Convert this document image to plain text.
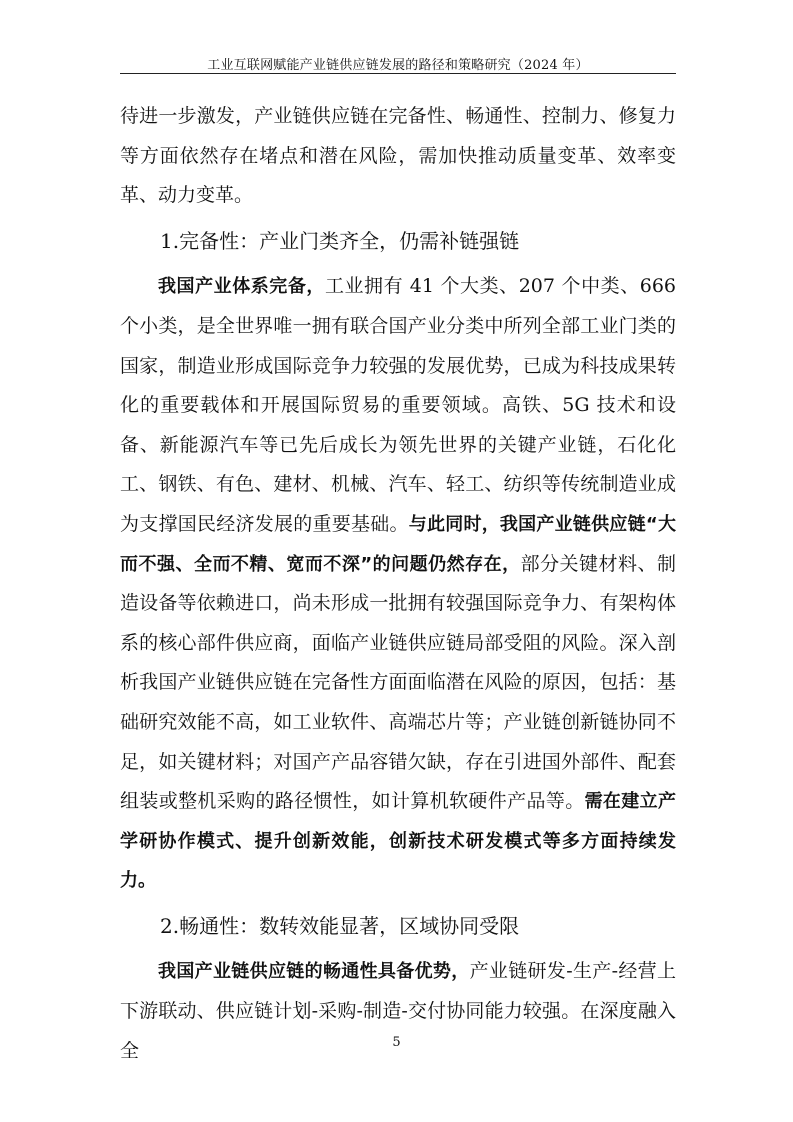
工业互联网赋能产业链供应链发展的路径和策略研究（2024 年）

待进一步激发，产业链供应链在完备性、畅通性、控制力、修复力等方面依然存在堵点和潜在风险，需加快推动质量变革、效率变革、动力变革。

1.完备性：产业门类齐全，仍需补链强链

我国产业体系完备，工业拥有 41 个大类、207 个中类、666 个小类，是全世界唯一拥有联合国产业分类中所列全部工业门类的国家，制造业形成国际竞争力较强的发展优势，已成为科技成果转化的重要载体和开展国际贸易的重要领域。高铁、5G 技术和设备、新能源汽车等已先后成长为领先世界的关键产业链，石化化工、钢铁、有色、建材、机械、汽车、轻工、纺织等传统制造业成为支撑国民经济发展的重要基础。与此同时，我国产业链供应链“大而不强、全而不精、宽而不深”的问题仍然存在，部分关键材料、制造设备等依赖进口，尚未形成一批拥有较强国际竞争力、有架构体系的核心部件供应商，面临产业链供应链局部受阻的风险。深入剖析我国产业链供应链在完备性方面面临潜在风险的原因，包括：基础研究效能不高，如工业软件、高端芯片等；产业链创新链协同不足，如关键材料；对国产产品容错欠缺，存在引进国外部件、配套组装或整机采购的路径惯性，如计算机软硬件产品等。需在建立产学研协作模式、提升创新效能，创新技术研发模式等多方面持续发力。

2.畅通性：数转效能显著，区域协同受限

我国产业链供应链的畅通性具备优势，产业链研发-生产-经营上下游联动、供应链计划-采购-制造-交付协同能力较强。在深度融入全	5
